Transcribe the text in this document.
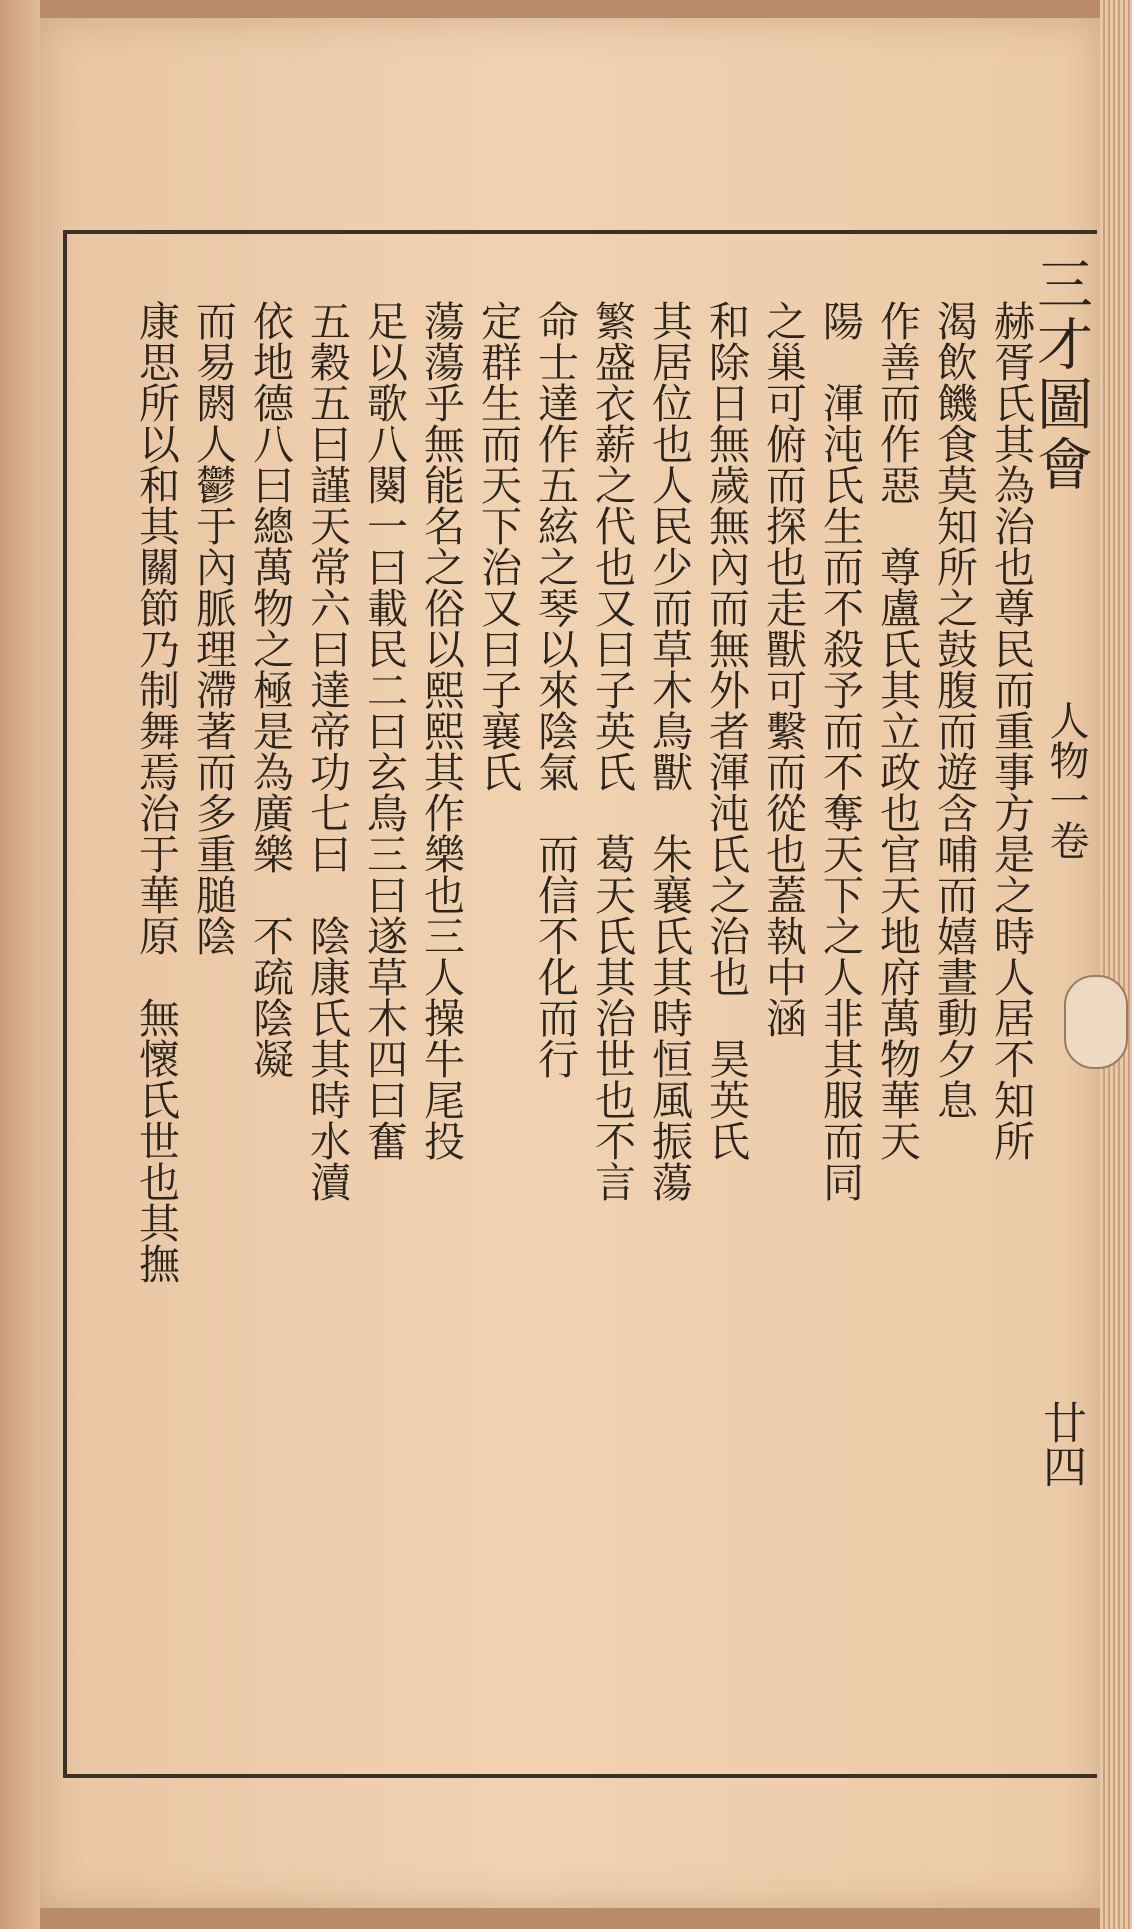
三才圖會
人物一卷
廿四
赫胥氏其為治也尊民而重事方是之時人居不知所
渴飲饑食莫知所之鼓腹而遊含哺而嬉晝動夕息
作善而作惡　尊盧氏其立政也官天地府萬物華天
陽　渾沌氏生而不殺予而不奪天下之人非其服而同
之巢可俯而探也走獸可繫而從也蓋執中涵
和除日無歲無內而無外者渾沌氏之治也　昊英氏
其居位也人民少而草木鳥獸　朱襄氏其時恒風振蕩
繁盛衣薪之代也又曰子英氏　葛天氏其治世也不言
命士達作五絃之琴以來陰氣　而信不化而行
定群生而天下治又曰子襄氏
蕩蕩乎無能名之俗以熙熙其作樂也三人操牛尾投
足以歌八闋一曰載民二曰玄鳥三曰遂草木四曰奮
五穀五曰謹天常六曰達帝功七曰　陰康氏其時水瀆
依地德八曰總萬物之極是為廣樂　不疏陰凝
而易閼人鬱于內脈理滯著而多重膇陰
康思所以和其關節乃制舞焉治于華原　無懷氏世也其撫
